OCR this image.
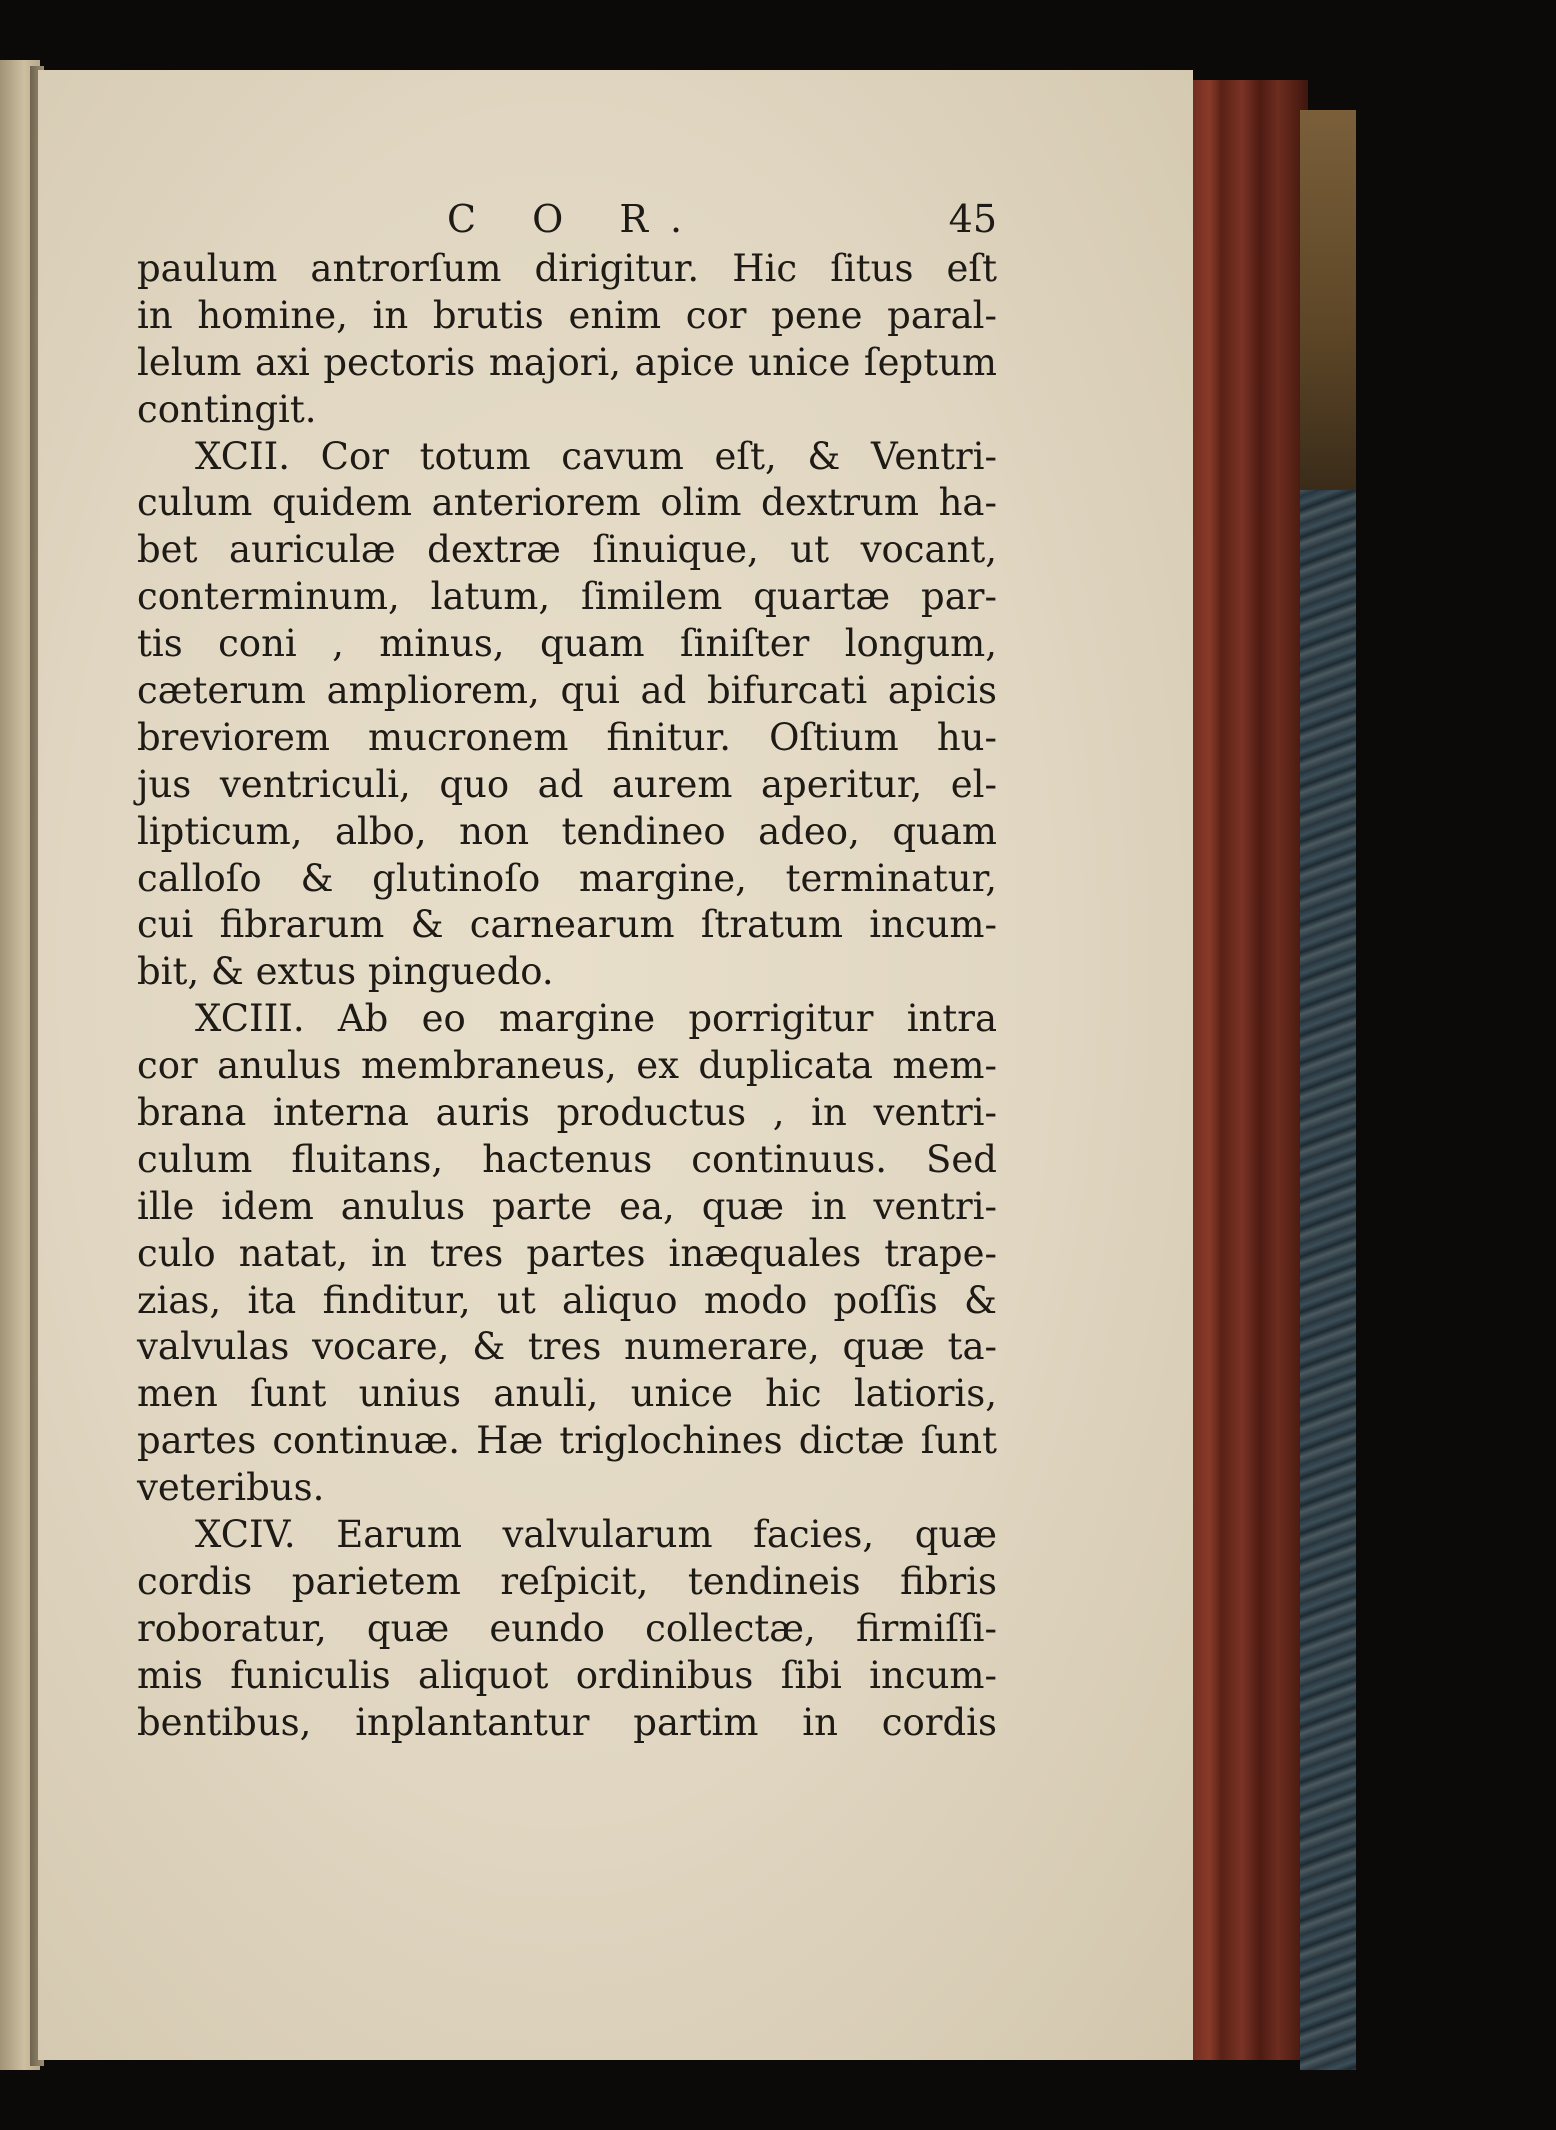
C O R.	45
paulum antrorſum dirigitur. Hic ſitus eſt
in homine, in brutis enim cor pene paral-
lelum axi pectoris majori, apice unice ſeptum
contingit.
XCII. Cor totum cavum eſt, & Ventri-
culum quidem anteriorem olim dextrum ha-
bet auriculæ dextræ ſinuique, ut vocant,
conterminum, latum, ſimilem quartæ par-
tis coni , minus, quam ſiniſter longum,
cæterum ampliorem, qui ad bifurcati apicis
breviorem mucronem finitur. Oſtium hu-
jus ventriculi, quo ad aurem aperitur, el-
lipticum, albo, non tendineo adeo, quam
calloſo & glutinoſo margine, terminatur,
cui fibrarum & carnearum ſtratum incum-
bit, & extus pinguedo.
XCIII. Ab eo margine porrigitur intra
cor anulus membraneus, ex duplicata mem-
brana interna auris productus , in ventri-
culum fluitans, hactenus continuus. Sed
ille idem anulus parte ea, quæ in ventri-
culo natat, in tres partes inæquales trape-
zias, ita finditur, ut aliquo modo poſſis &
valvulas vocare, & tres numerare, quæ ta-
men ſunt unius anuli, unice hic latioris,
partes continuæ. Hæ triglochines dictæ ſunt
veteribus.
XCIV. Earum valvularum facies, quæ
cordis parietem reſpicit, tendineis fibris
roboratur, quæ eundo collectæ, firmiſſi-
mis funiculis aliquot ordinibus ſibi incum-
bentibus, inplantantur partim in cordis
